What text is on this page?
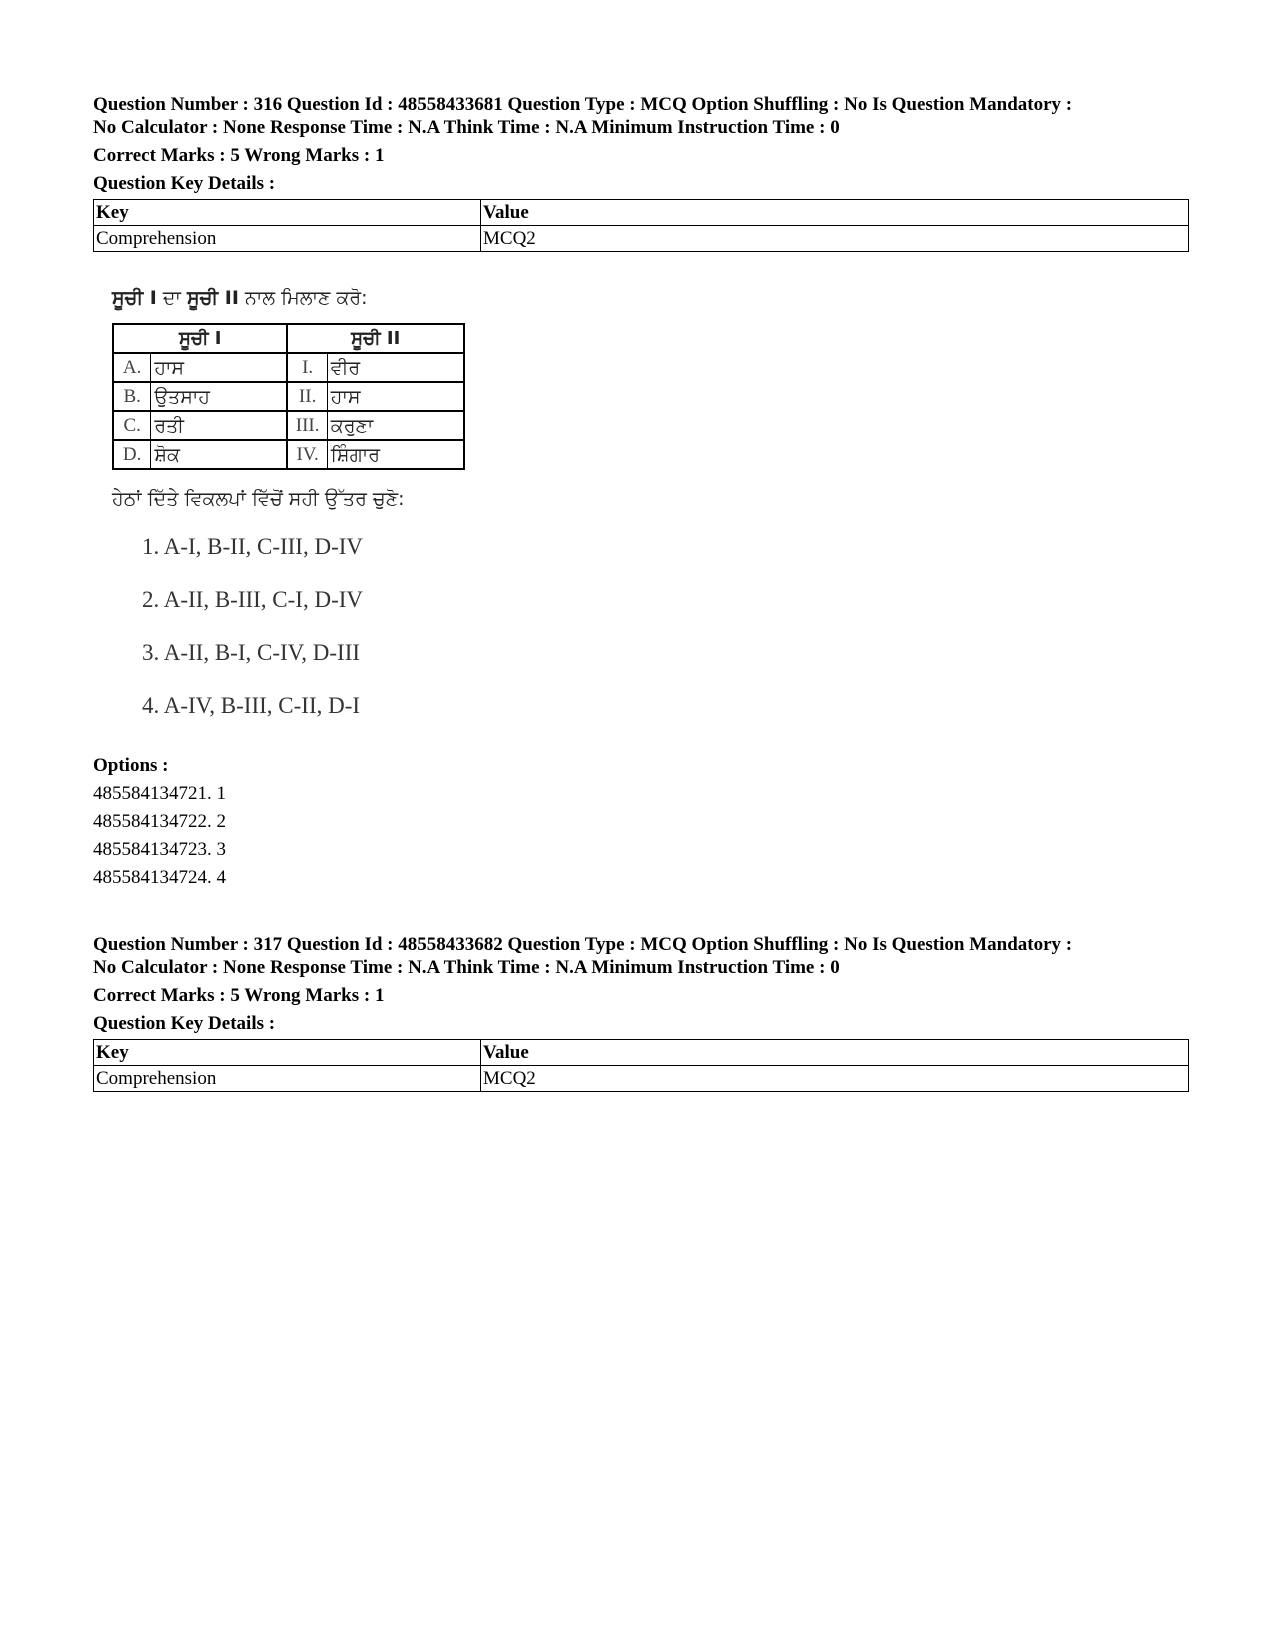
Question Number : 316 Question Id : 48558433681 Question Type : MCQ Option Shuffling : No Is Question Mandatory :

No Calculator : None Response Time : N.A Think Time : N.A Minimum Instruction Time : 0

Correct Marks : 5 Wrong Marks : 1

Question Key Details :

Key	Value
Comprehension	MCQ2

ਸੂਚੀ I ਦਾ ਸੂਚੀ II ਨਾਲ ਮਿਲਾਣ ਕਰੋ:

ਸੂਚੀ I		ਸੂਚੀ II	
A.	ਹਾਸ	I.	ਵੀਰ
B.	ਉਤਸਾਹ	II.	ਹਾਸ
C.	ਰਤੀ	III.	ਕਰੁਣਾ
D.	ਸ਼ੋਕ	IV.	ਸ਼ਿੰਗਾਰ

ਹੇਠਾਂ ਦਿੱਤੇ ਵਿਕਲਪਾਂ ਵਿੱਚੋਂ ਸਹੀ ਉੱਤਰ ਚੁਣੋ:

1. A-I, B-II, C-III, D-IV
2. A-II, B-III, C-I, D-IV
3. A-II, B-I, C-IV, D-III
4. A-IV, B-III, C-II, D-I
Options :
485584134721. 1
485584134722. 2
485584134723. 3
485584134724. 4

Question Number : 317 Question Id : 48558433682 Question Type : MCQ Option Shuffling : No Is Question Mandatory :

No Calculator : None Response Time : N.A Think Time : N.A Minimum Instruction Time : 0

Correct Marks : 5 Wrong Marks : 1

Question Key Details :

Key	Value
Comprehension	MCQ2
